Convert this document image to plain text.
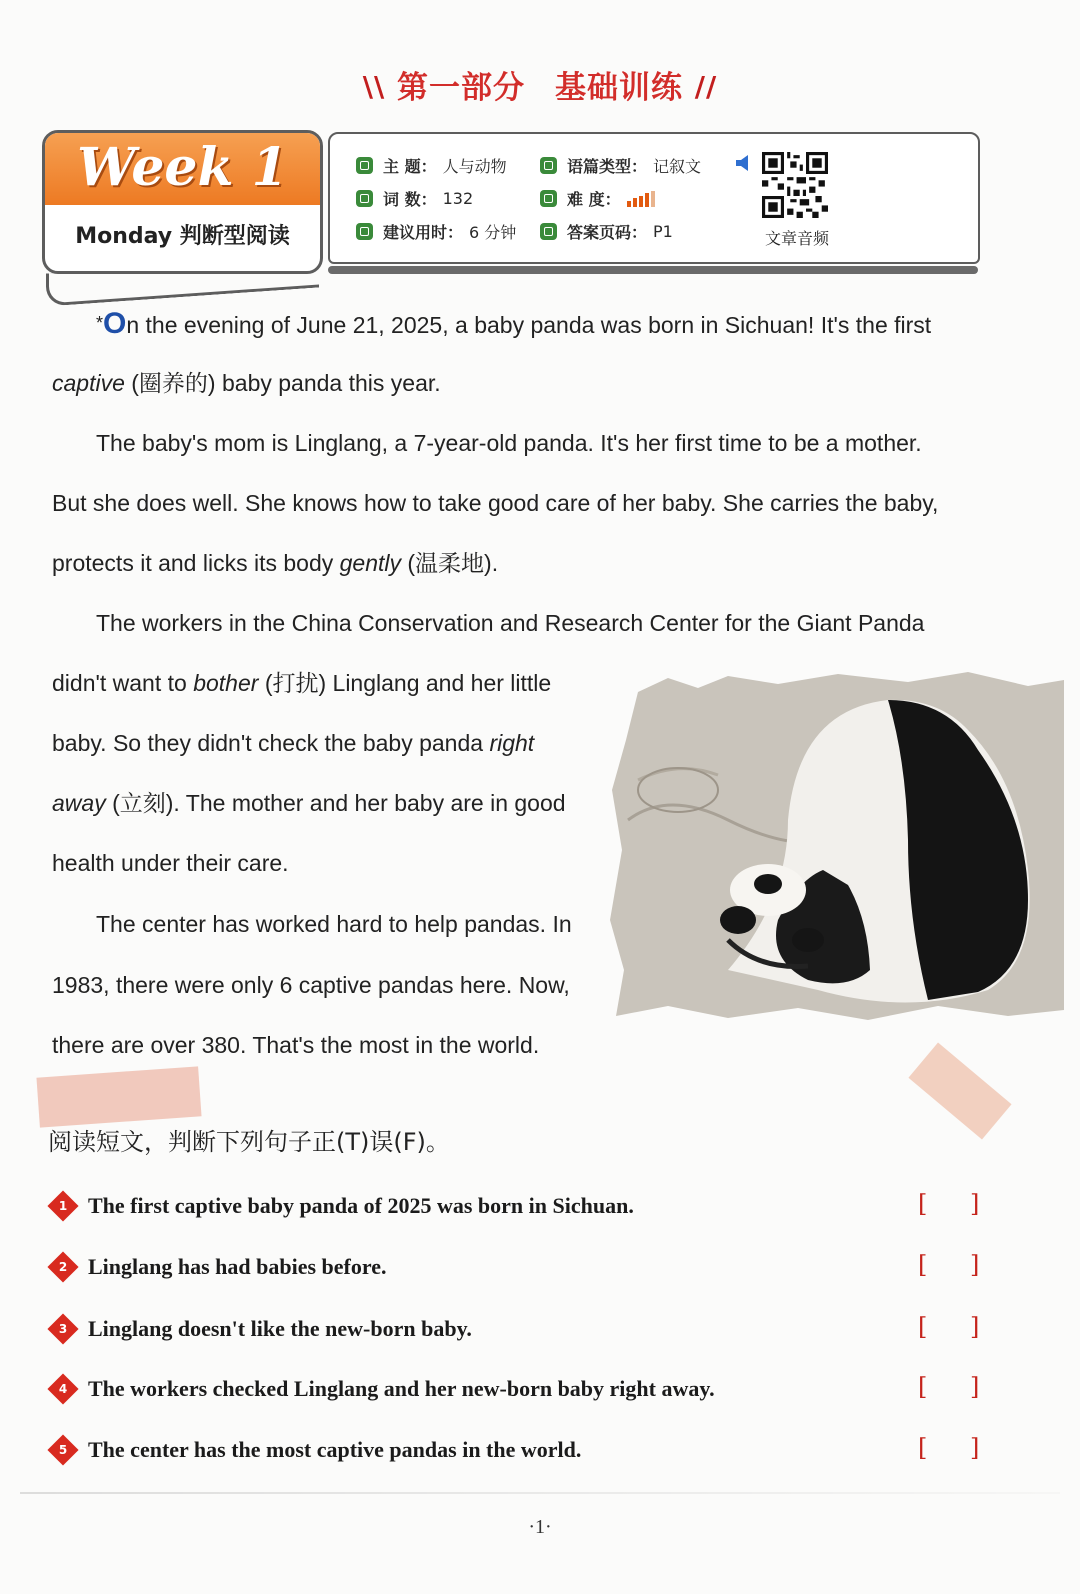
\\ 第一部分 基础训练 //
Week 1
Monday 判断型阅读
主 题： 人与动物	语篇类型： 记叙文
词 数： 132	难 度：
建议用时： 6 分钟	答案页码： P1	文章音频
*On the evening of June 21, 2025, a baby panda was born in Sichuan! It's the first
captive (圈养的) baby panda this year.
The baby's mom is Linglang, a 7-year-old panda. It's her first time to be a mother.
But she does well. She knows how to take good care of her baby. She carries the baby,
protects it and licks its body gently (温柔地).
The workers in the China Conservation and Research Center for the Giant Panda
didn't want to bother (打扰) Linglang and her little
baby. So they didn't check the baby panda right
away (立刻). The mother and her baby are in good
health under their care.
The center has worked hard to help pandas. In
1983, there were only 6 captive pandas here. Now,
there are over 380. That's the most in the world.
阅读短文，判断下列句子正(T)误(F)。
1 The first captive baby panda of 2025 was born in Sichuan.	[ ]
2 Linglang has had babies before.	[ ]
3 Linglang doesn't like the new-born baby.	[ ]
4 The workers checked Linglang and her new-born baby right away.	[ ]
5 The center has the most captive pandas in the world.	[ ]
·1·
